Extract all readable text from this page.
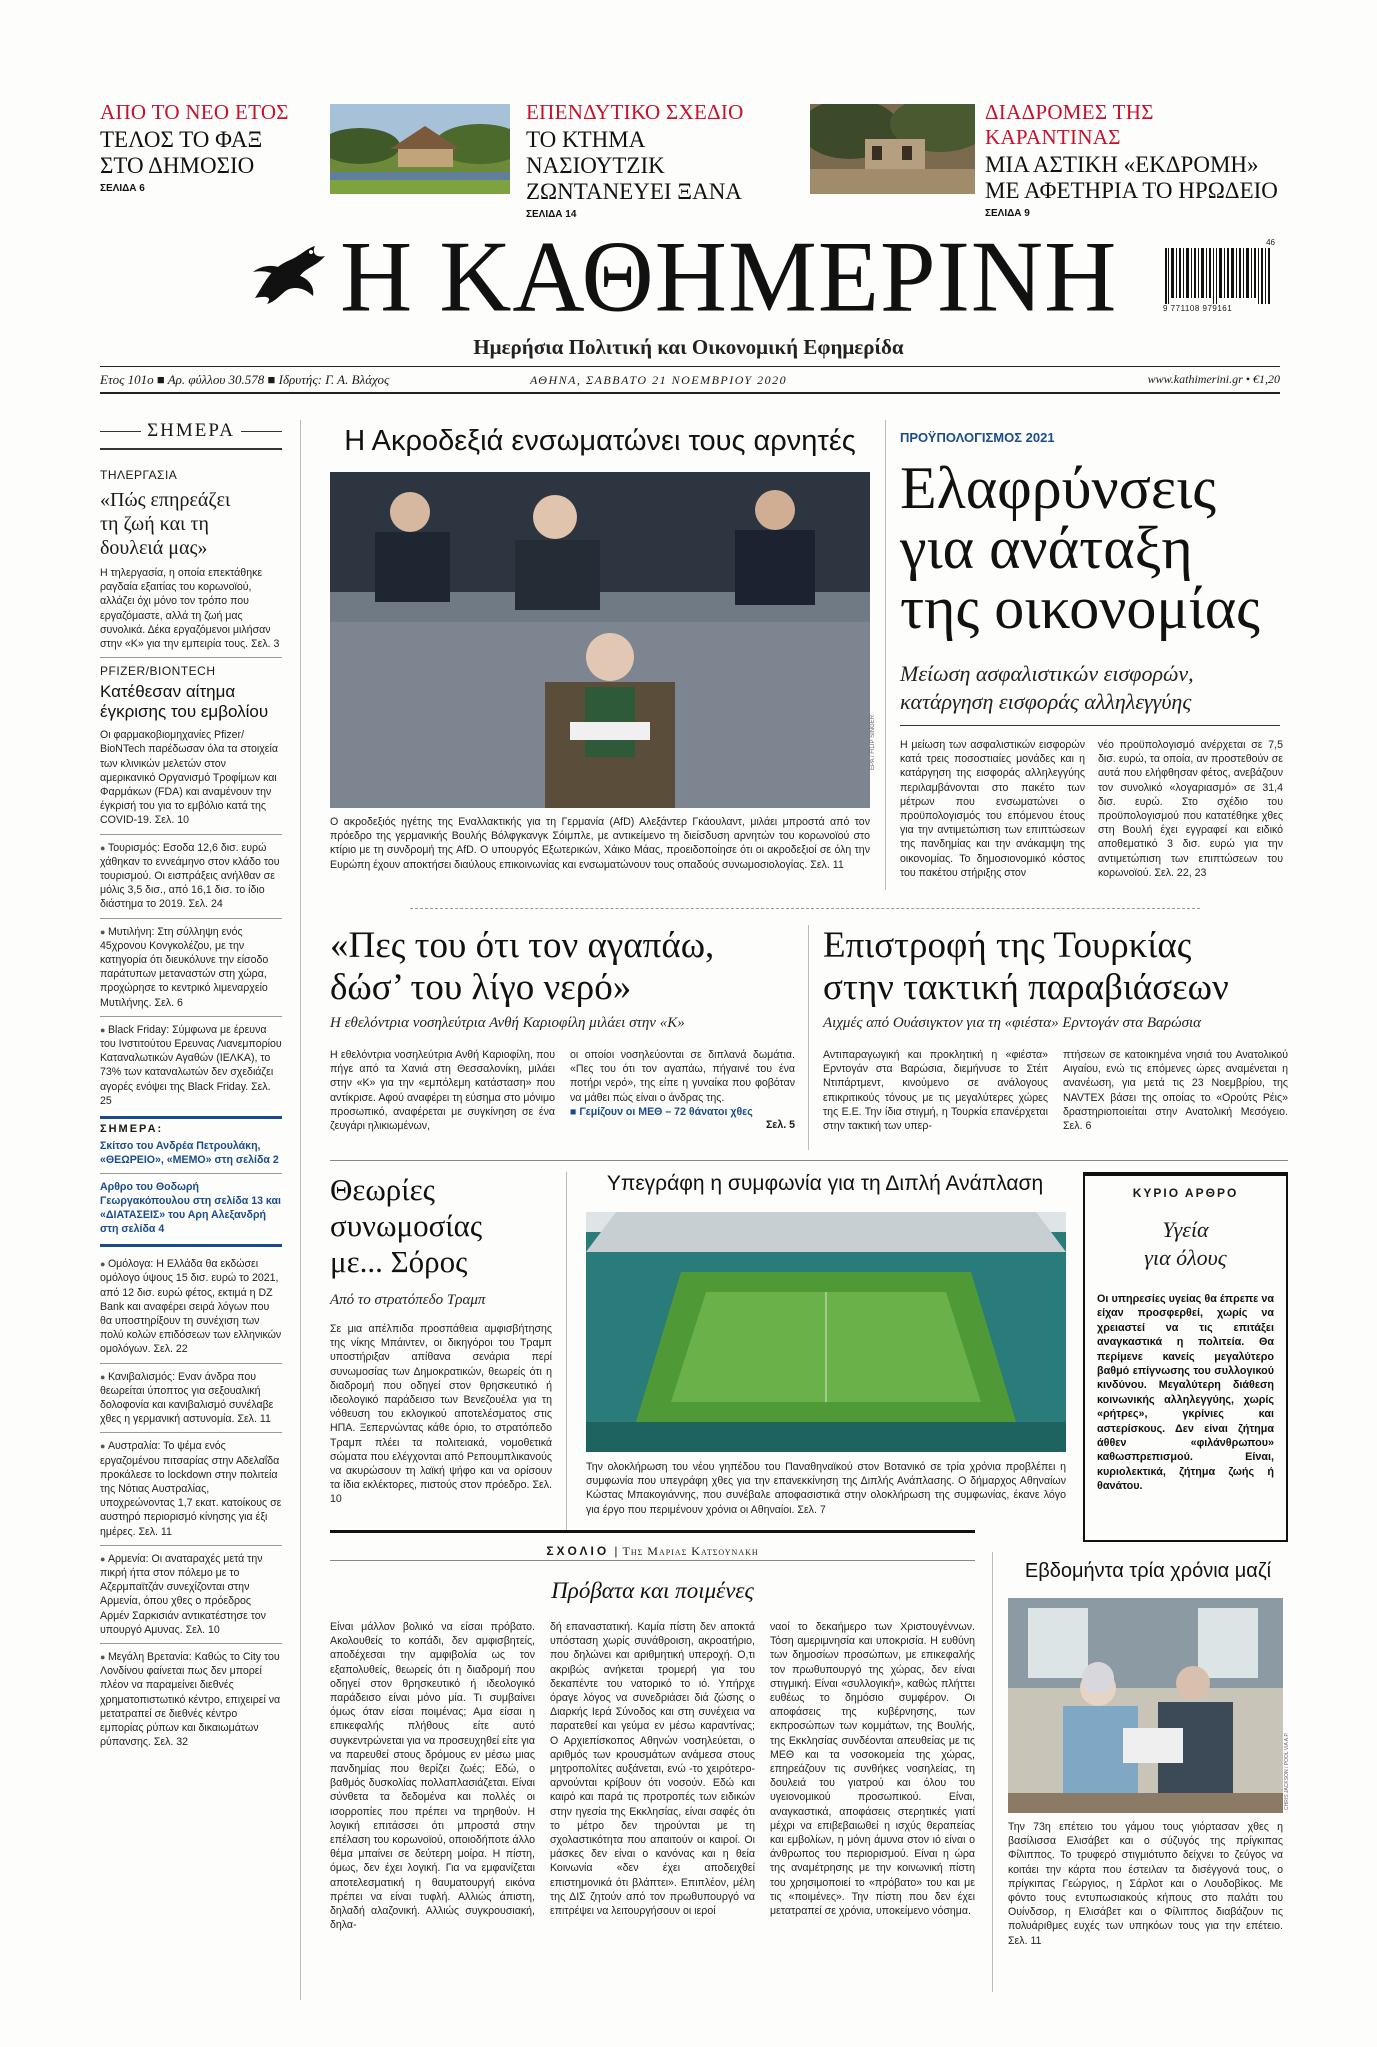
ΑΠΟ ΤΟ ΝΕΟ ΕΤΟΣ
ΤΕΛΟΣ ΤΟ ΦΑΞ
ΣΤΟ ΔΗΜΟΣΙΟ
ΣΕΛΙΔΑ 6
ΕΠΕΝΔΥΤΙΚΟ ΣΧΕΔΙΟ
ΤΟ ΚΤΗΜΑ ΝΑΣΙΟΥΤΖΙΚ
ΖΩΝΤΑΝΕΥΕΙ ΞΑΝΑ
ΣΕΛΙΔΑ 14
ΔΙΑΔΡΟΜΕΣ ΤΗΣ ΚΑΡΑΝΤΙΝΑΣ
ΜΙΑ ΑΣΤΙΚΗ «ΕΚΔΡΟΜΗ»
ΜΕ ΑΦΕΤΗΡΙΑ ΤΟ ΗΡΩΔΕΙΟ
ΣΕΛΙΔΑ 9
Η ΚΑΘΗΜΕΡΙΝΗ	46
9 771108 979161
Ημερήσια Πολιτική και Οικονομική Εφημερίδα
Ετος 101ο ■ Αρ. φύλλου 30.578 ■ Ιδρυτής: Γ. Α. Βλάχος	ΑΘΗΝΑ, ΣΑΒΒΑΤΟ 21 ΝΟΕΜΒΡΙΟΥ 2020	www.kathimerini.gr • €1,20
ΣΗΜΕΡΑ
ΤΗΛΕΡΓΑΣΙΑ
«Πώς επηρεάζει τη ζωή και τη δουλειά μας»
Η τηλεργασία, η οποία επεκτάθηκε ραγδαία εξαιτίας του κορωνοϊού, αλλάζει όχι μόνο τον τρόπο που εργαζόμαστε, αλλά τη ζωή μας συνολικά. Δέκα εργαζόμενοι μιλήσαν στην «Κ» για την εμπειρία τους. Σελ. 3
PFIZER/BIONTECH
Κατέθεσαν αίτημα έγκρισης του εμβολίου
Οι φαρμακοβιομηχανίες Pfizer/ BioNTech παρέδωσαν όλα τα στοιχεία των κλινικών μελετών στον αμερικανικό Οργανισμό Τροφίμων και Φαρμάκων (FDA) και αναμένουν την έγκρισή του για το εμβόλιο κατά της COVID-19. Σελ. 10
● Τουρισμός: Εσοδα 12,6 δισ. ευρώ χάθηκαν το εννεάμηνο στον κλάδο του τουρισμού. Οι εισπράξεις ανήλθαν σε μόλις 3,5 δισ., από 16,1 δισ. το ίδιο διάστημα το 2019. Σελ. 24
● Μυτιλήνη: Στη σύλληψη ενός 45χρονου Κονγκολέζου, με την κατηγορία ότι διευκόλυνε την είσοδο παράτυπων μεταναστών στη χώρα, προχώρησε το κεντρικό λιμεναρχείο Μυτιλήνης. Σελ. 6
● Black Friday: Σύμφωνα με έρευνα του Ινστιτούτου Ερευνας Λιανεμπορίου Καταναλωτικών Αγαθών (ΙΕΛΚΑ), το 73% των καταναλωτών δεν σχεδιάζει αγορές ενόψει της Black Friday. Σελ. 25
ΣΗΜΕΡΑ:
Σκίτσο του Ανδρέα Πετρουλάκη, «ΘΕΩΡΕΙΟ», «ΜΕΜΟ» στη σελίδα 2
Αρθρο του Θοδωρή Γεωργακόπουλου στη σελίδα 13 και «ΔΙΑΤΑΣΕΙΣ» του Αρη Αλεξανδρή στη σελίδα 4
● Ομόλογα: Η Ελλάδα θα εκδώσει ομόλογο ύψους 15 δισ. ευρώ το 2021, από 12 δισ. ευρώ φέτος, εκτιμά η DZ Bank και αναφέρει σειρά λόγων που θα υποστηρίξουν τη συνέχιση των πολύ κολών επιδόσεων των ελληνικών ομολόγων. Σελ. 22
● Κανιβαλισμός: Εναν άνδρα που θεωρείται ύποπτος για σεξουαλική δολοφονία και κανιβαλισμό συνέλαβε χθες η γερμανική αστυνομία. Σελ. 11
● Αυστραλία: Το ψέμα ενός εργαζομένου πιτσαρίας στην Αδελαΐδα προκάλεσε το lockdown στην πολιτεία της Νότιας Αυστραλίας, υποχρεώνοντας 1,7 εκατ. κατοίκους σε αυστηρό περιορισμό κίνησης για έξι ημέρες. Σελ. 11
● Αρμενία: Οι αναταραχές μετά την πικρή ήττα στον πόλεμο με το Αζερμπαϊτζάν συνεχίζονται στην Αρμενία, όπου χθες ο πρόεδρος Αρμέν Σαρκισιάν αντικατέστησε τον υπουργό Αμυνας. Σελ. 10
● Μεγάλη Βρετανία: Καθώς το City του Λονδίνου φαίνεται πως δεν μπορεί πλέον να παραμείνει διεθνές χρηματοπιστωτικό κέντρο, επιχειρεί να μετατραπεί σε διεθνές κέντρο εμπορίας ρύπων και δικαιωμάτων ρύπανσης. Σελ. 32
Η Ακροδεξιά ενσωματώνει τους αρνητές
EPA / FILIP SINGER
Ο ακροδεξιός ηγέτης της Εναλλακτικής για τη Γερμανία (AfD) Αλεξάντερ Γκάουλαντ, μιλάει μπροστά από τον πρόεδρο της γερμανικής Βουλής Βόλφγκανγκ Σόιμπλε, με αντικείμενο τη διείσδυση αρνητών του κορωνοϊού στο κτίριο με τη συνδρομή της AfD. Ο υπουργός Εξωτερικών, Χάικο Μάας, προειδοποίησε ότι οι ακροδεξιοί σε όλη την Ευρώπη έχουν αποκτήσει διαύλους επικοινωνίας και ενσωματώνουν τους οπαδούς συνωμοσιολογίας. Σελ. 11
ΠΡΟΫΠΟΛΟΓΙΣΜΟΣ 2021
Ελαφρύνσεις
για ανάταξη
της οικονομίας
Μείωση ασφαλιστικών εισφορών,
κατάργηση εισφοράς αλληλεγγύης
Η μείωση των ασφαλιστικών εισφορών κατά τρεις ποσοστιαίες μονάδες και η κατάργηση της εισφοράς αλληλεγγύης περιλαμβάνονται στο πακέτο των μέτρων που ενσωματώνει ο προϋπολογισμός του επόμενου έτους για την αντιμετώπιση των επιπτώσεων της πανδημίας και την ανάκαμψη της οικονομίας. Το δημοσιονομικό κόστος του πακέτου στήριξης στον
νέο προϋπολογισμό ανέρχεται σε 7,5 δισ. ευρώ, τα οποία, αν προστεθούν σε αυτά που ελήφθησαν φέτος, ανεβάζουν τον συνολικό «λογαριασμό» σε 31,4 δισ. ευρώ. Στο σχέδιο του προϋπολογισμού που κατατέθηκε χθες στη Βουλή έχει εγγραφεί και ειδικό αποθεματικό 3 δισ. ευρώ για την αντιμετώπιση των επιπτώσεων του κορωνοϊού. Σελ. 22, 23
«Πες του ότι τον αγαπάω,
δώσ’ του λίγο νερό»
Η εθελόντρια νοσηλεύτρια Ανθή Καριοφίλη μιλάει στην «Κ»
Η εθελόντρια νοσηλεύτρια Ανθή Καριοφίλη, που πήγε από τα Χανιά στη Θεσσαλονίκη, μιλάει στην «Κ» για την «εμπόλεμη κατάσταση» που αντίκρισε. Αφού αναφέρει τη εύσημα στο μόνιμο προσωπικό, αναφέρεται με συγκίνηση σε ένα ζευγάρι ηλικιωμένων,
οι οποίοι νοσηλεύονται σε διπλανά δωμάτια. «Πες του ότι τον αγαπάω, πήγαινέ του ένα ποτήρι νερό», της είπε η γυναίκα που φοβόταν να μάθει πώς είναι ο άνδρας της.
■ Γεμίζουν οι ΜΕΘ – 72 θάνατοι χθες
Σελ. 5
Επιστροφή της Τουρκίας
στην τακτική παραβιάσεων
Αιχμές από Ουάσιγκτον για τη «φιέστα» Ερντογάν στα Βαρώσια
Αντιπαραγωγική και προκλητική η «φιέστα» Ερντογάν στα Βαρώσια, διεμήνυσε το Στέιτ Ντιπάρτμεντ, κινούμενο σε ανάλογους επικριτικούς τόνους με τις μεγαλύτερες χώρες της Ε.Ε. Την ίδια στιγμή, η Τουρκία επανέρχεται στην τακτική των υπερ-
πτήσεων σε κατοικημένα νησιά του Ανατολικού Αιγαίου, ενώ τις επόμενες ώρες αναμένεται η ανανέωση, για μετά τις 23 Νοεμβρίου, της NAVTEX βάσει της οποίας το «Ορούτς Ρέις» δραστηριοποιείται στην Ανατολική Μεσόγειο. Σελ. 6
Θεωρίες
συνωμοσίας
με... Σόρος
Από το στρατόπεδο Τραμπ
Σε μια απέλπιδα προσπάθεια αμφισβήτησης της νίκης Μπάιντεν, οι δικηγόροι του Τραμπ υποστήριξαν απίθανα σενάρια περί συνωμοσίας των Δημοκρατικών, θεωρείς ότι η διαδρομή που οδηγεί στον θρησκευτικό ή ιδεολογικό παράδεισο των Βενεζουέλα για τη νόθευση του εκλογικού αποτελέσματος στις ΗΠΑ. Ξεπερνώντας κάθε όριο, το στρατόπεδο Τραμπ πλέει τα πολιτειακά, νομοθετικά σώματα που ελέγχονται από Ρεπουμπλικανούς να ακυρώσουν τη λαϊκή ψήφο και να ορίσουν τα ίδια εκλέκτορες, πιστούς στον πρόεδρο. Σελ. 10
Υπεγράφη η συμφωνία για τη Διπλή Ανάπλαση
Την ολοκλήρωση του νέου γηπέδου του Παναθηναϊκού στον Βοτανικό σε τρία χρόνια προβλέπει η συμφωνία που υπεγράφη χθες για την επανεκκίνηση της Διπλής Ανάπλασης. Ο δήμαρχος Αθηναίων Κώστας Μπακογιάννης, που συνέβαλε αποφασιστικά στην ολοκλήρωση της συμφωνίας, έκανε λόγο για έργο που περιμένουν χρόνια οι Αθηναίοι. Σελ. 7
ΚΥΡΙΟ ΑΡΘΡΟ
Υγεία
για όλους
Οι υπηρεσίες υγείας θα έπρεπε να είχαν προσφερθεί, χωρίς να χρειαστεί να τις επιτάξει αναγκαστικά η πολιτεία. Θα περίμενε κανείς μεγαλύτερο βαθμό επίγνωσης του συλλογικού κινδύνου. Μεγαλύτερη διάθεση κοινωνικής αλληλεγγύης, χωρίς «ρήτρες», γκρίνιες και αστερίσκους. Δεν είναι ζήτημα άθθεν «φιλάνθρωπου» καθωσπρεπισμού. Είναι, κυριολεκτικά, ζήτημα ζωής ή θανάτου.
ΣΧΟΛΙΟ | Της Μαριας Κατσουνακη
Πρόβατα και ποιμένες
Είναι μάλλον βολικό να είσαι πρόβατο. Ακολουθείς το κοπάδι, δεν αμφισβητείς, αποδέχεσαι την αμφιβολία ως τον εξαπολυθείς, θεωρείς ότι η διαδρομή που οδηγεί στον θρησκευτικό ή ιδεολογικό παράδεισο είναι μόνο μία. Τι συμβαίνει όμως όταν είσαι ποιμένας; Αμα είσαι η επικεφαλής πλήθους είτε αυτό συγκεντρώνεται για να προσευχηθεί είτε για να παρευθεί στους δρόμους εν μέσω μιας πανδημίας που θερίζει ζωές; Εδώ, ο βαθμός δυσκολίας πολλαπλασιάζεται. Είναι σύνθετα τα δεδομένα και πολλές οι ισορροπίες που πρέπει να τηρηθούν. Η λογική επιτάσσει ότι μπροστά στην επέλαση του κορωνοϊού, οποιοδήποτε άλλο θέμα μπαίνει σε δεύτερη μοίρα. Η πίστη, όμως, δεν έχει λογική. Για να εμφανίζεται αποτελεσματική η θαυματουργή εικόνα πρέπει να είναι τυφλή. Αλλιώς άπιστη, δηλαδή αλαζονική. Αλλιώς συγκρουσιακή, δηλα-
δή επαναστατική. Καμία πίστη δεν αποκτά υπόσταση χωρίς συνάθροιση, ακροατήριο, που δηλώνει και αριθμητική υπεροχή. Ο,τι ακριβώς ανήκεται τρομερή για του δεκαπέντε του νατορικό το ιό. Υπήρχε όραγε λόγος να συνεδριάσει διά ζώσης ο Διαρκής Ιερά Σύνοδος και στη συνέχεια να παρατεθεί και γεύμα εν μέσω καραντίνας; Ο Αρχιεπίσκοπος Αθηνών νοσηλεύεται, ο αριθμός των κρουσμάτων ανάμεσα στους μητροπολίτες αυξάνεται, ενώ -το χειρότερο- αρνούνται κρίβουν ότι νοσούν. Εδώ και καιρό και παρά τις προτροπές των ειδικών στην ηγεσία της Εκκλησίας, είναι σαφές ότι το μέτρο δεν τηρούνται με τη σχολαστικότητα που απαιτούν οι καιροί. Οι μάσκες δεν είναι ο κανόνας και η θεία Κοινωνία «δεν έχει αποδειχθεί επιστημονικά ότι βλάπτει». Επιπλέον, μέλη της ΔΙΣ ζητούν από τον πρωθυπουργό να επιτρέψει να λειτουργήσουν οι ιεροί
ναοί το δεκαήμερο των Χριστουγέννων. Τόση αμεριμνησία και υποκρισία. Η ευθύνη των δημοσίων προσώπων, με επικεφαλής τον πρωθυπουργό της χώρας, δεν είναι στιγμική. Είναι «συλλογική», καθώς πλήττει ευθέως το δημόσιο συμφέρον. Οι αποφάσεις της κυβέρνησης, των εκπροσώπων των κομμάτων, της Βουλής, της Εκκλησίας συνδέονται απευθείας με τις ΜΕΘ και τα νοσοκομεία της χώρας, επηρεάζουν τις συνθήκες νοσηλείας, τη δουλειά του γιατρού και όλου του υγειονομικού προσωπικού. Είναι, αναγκαστικά, αποφάσεις στερητικές γιατί μέχρι να επιβεβαιωθεί η ισχύς θεραπείας και εμβολίων, η μόνη άμυνα στον ιό είναι ο άνθρωπος του περιορισμού. Είναι η ώρα της αναμέτρησης με την κοινωνική πίστη του χρησιμοποιεί το «πρόβατο» του και με τις «ποιμένες». Την πίστη που δεν έχει μετατραπεί σε χρόνια, υποκείμενο νόσημα.
Εβδομήντα τρία χρόνια μαζί
CHRIS JACKSON / POOL VIA A.P.
Την 73η επέτειο του γάμου τους γιόρτασαν χθες η βασίλισσα Ελισάβετ και ο σύζυγός της πρίγκιπας Φίλιππος. Το τρυφερό στιγμιότυπο δείχνει το ζεύγος να κοιτάει την κάρτα που έστειλαν τα δισέγγονά τους, ο πρίγκιπας Γεώργιος, η Σάρλοτ και ο Λουδοβίκος. Με φόντο τους εντυπωσιακούς κήπους στο παλάτι του Ουίνδσορ, η Ελισάβετ και ο Φίλιππος διαβάζουν τις πολυάριθμες ευχές των υπηκόων τους για την επέτειο. Σελ. 11
